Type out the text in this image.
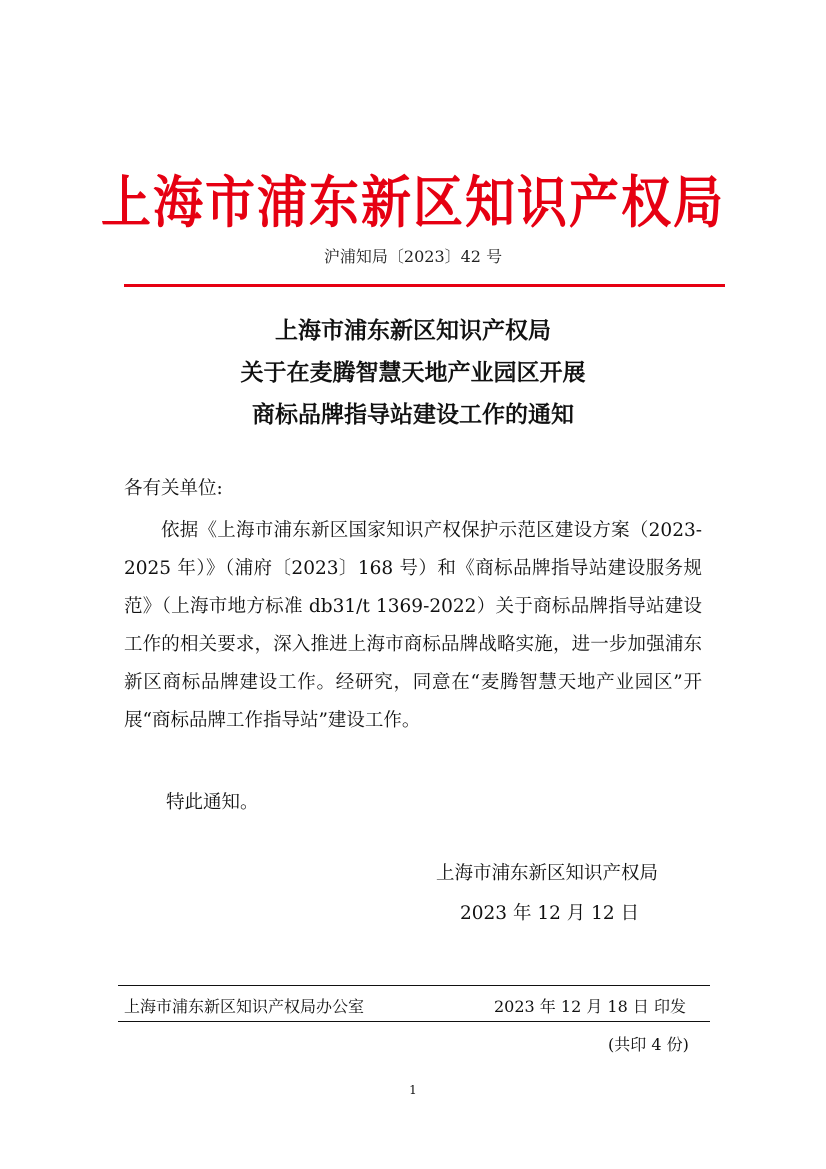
上海市浦东新区知识产权局
沪浦知局〔2023〕42 号
上海市浦东新区知识产权局
关于在麦腾智慧天地产业园区开展
商标品牌指导站建设工作的通知
各有关单位:

依据《上海市浦东新区国家知识产权保护示范区建设方案（2023-2025 年）》（浦府〔2023〕168 号）和《商标品牌指导站建设服务规范》（上海市地方标准 db31/t 1369-2022）关于商标品牌指导站建设工作的相关要求，深入推进上海市商标品牌战略实施，进一步加强浦东新区商标品牌建设工作。经研究，同意在“麦腾智慧天地产业园区”开展“商标品牌工作指导站”建设工作。

特此通知。
上海市浦东新区知识产权局
2023 年 12 月 12 日
上海市浦东新区知识产权局办公室	2023 年 12 月 18 日 印发
(共印 4 份)
1
